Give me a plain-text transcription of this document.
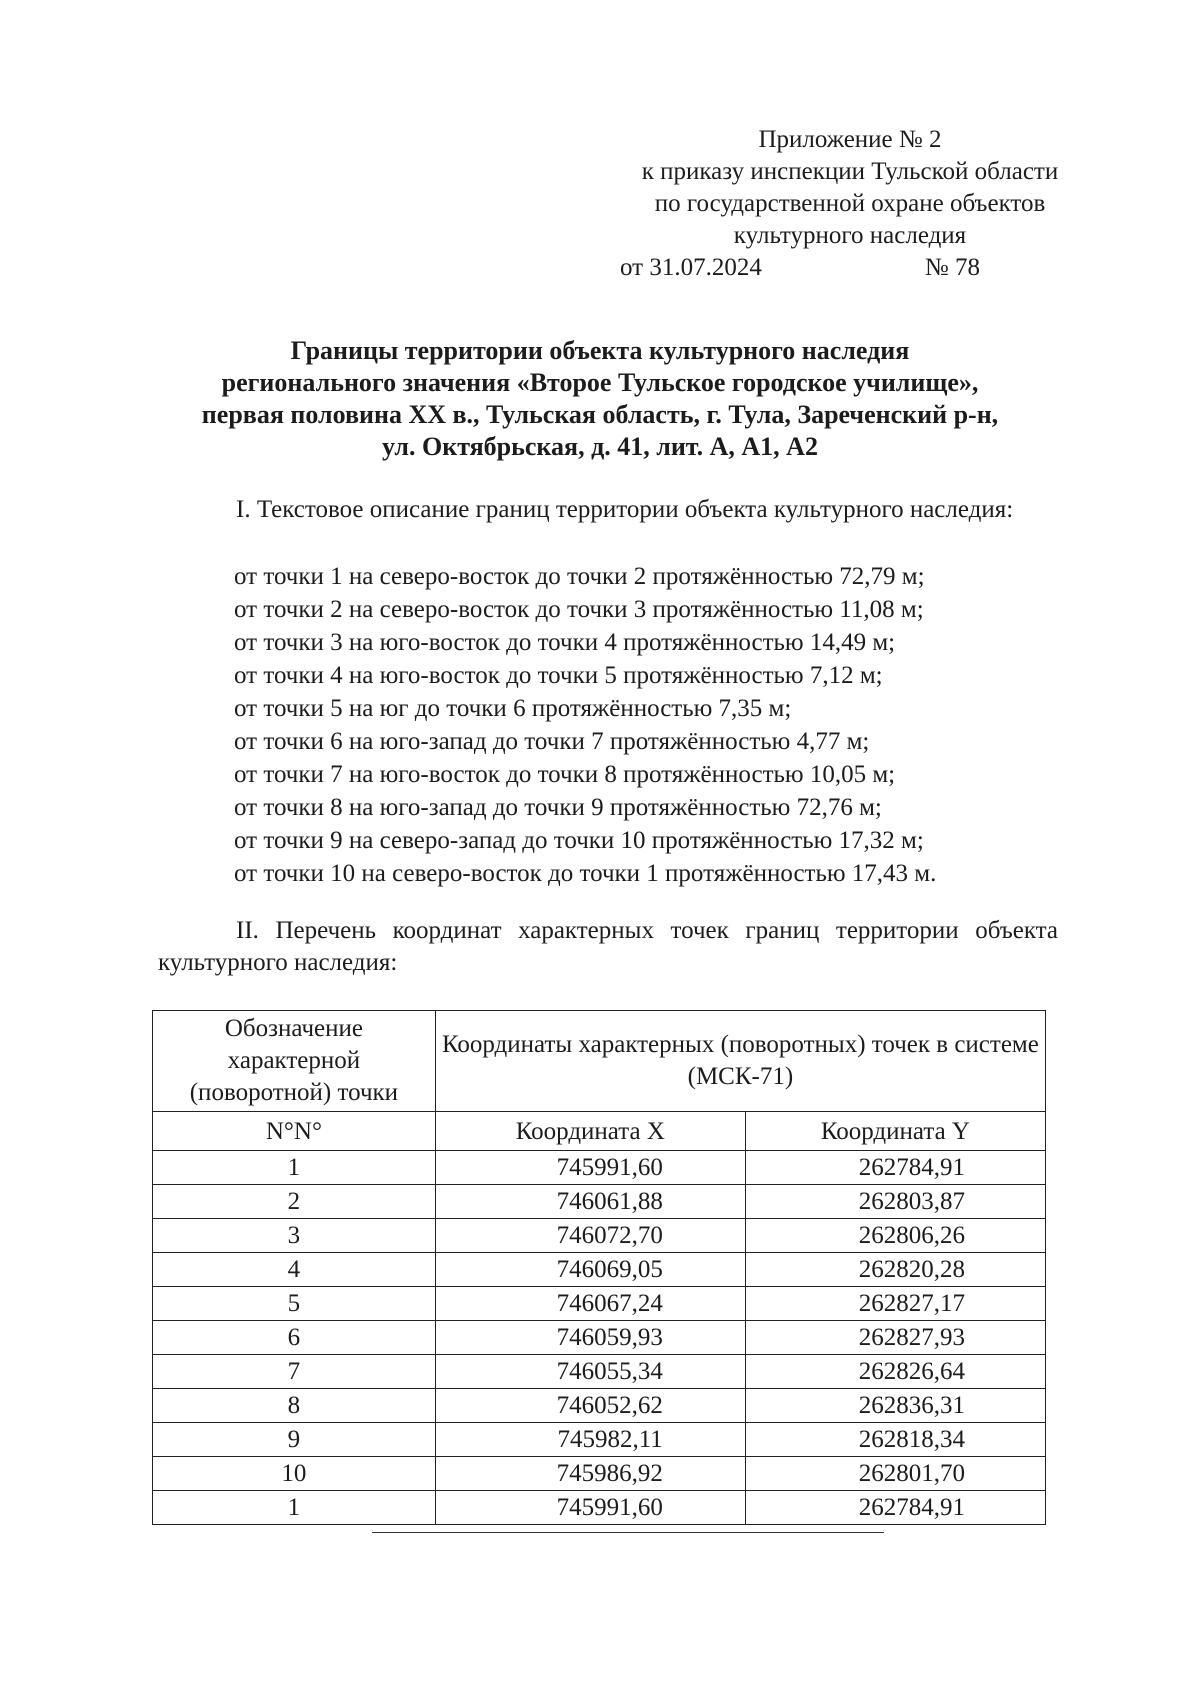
Приложение № 2
к приказу инспекции Тульской области
по государственной охране объектов
культурного наследия
от 31.07.2024	№ 78
Границы территории объекта культурного наследия
регионального значения «Второе Тульское городское училище»,
первая половина XX в., Тульская область, г. Тула, Зареченский р-н,
ул. Октябрьская, д. 41, лит. А, А1, А2
I. Текстовое описание границ территории объекта культурного наследия:
от точки 1 на северо-восток до точки 2 протяжённостью 72,79 м;
от точки 2 на северо-восток до точки 3 протяжённостью 11,08 м;
от точки 3 на юго-восток до точки 4 протяжённостью 14,49 м;
от точки 4 на юго-восток до точки 5 протяжённостью 7,12 м;
от точки 5 на юг до точки 6 протяжённостью 7,35 м;
от точки 6 на юго-запад до точки 7 протяжённостью 4,77 м;
от точки 7 на юго-восток до точки 8 протяжённостью 10,05 м;
от точки 8 на юго-запад до точки 9 протяжённостью 72,76 м;
от точки 9 на северо-запад до точки 10 протяжённостью 17,32 м;
от точки 10 на северо-восток до точки 1 протяжённостью 17,43 м.
II. Перечень координат характерных точек границ территории объекта культурного наследия:
Обозначение характерной (поворотной) точки	Координаты характерных (поворотных) точек в системе (МСК-71)	
N°N°	Координата X	Координата Y
1	745991,60	262784,91
2	746061,88	262803,87
3	746072,70	262806,26
4	746069,05	262820,28
5	746067,24	262827,17
6	746059,93	262827,93
7	746055,34	262826,64
8	746052,62	262836,31
9	745982,11	262818,34
10	745986,92	262801,70
1	745991,60	262784,91
